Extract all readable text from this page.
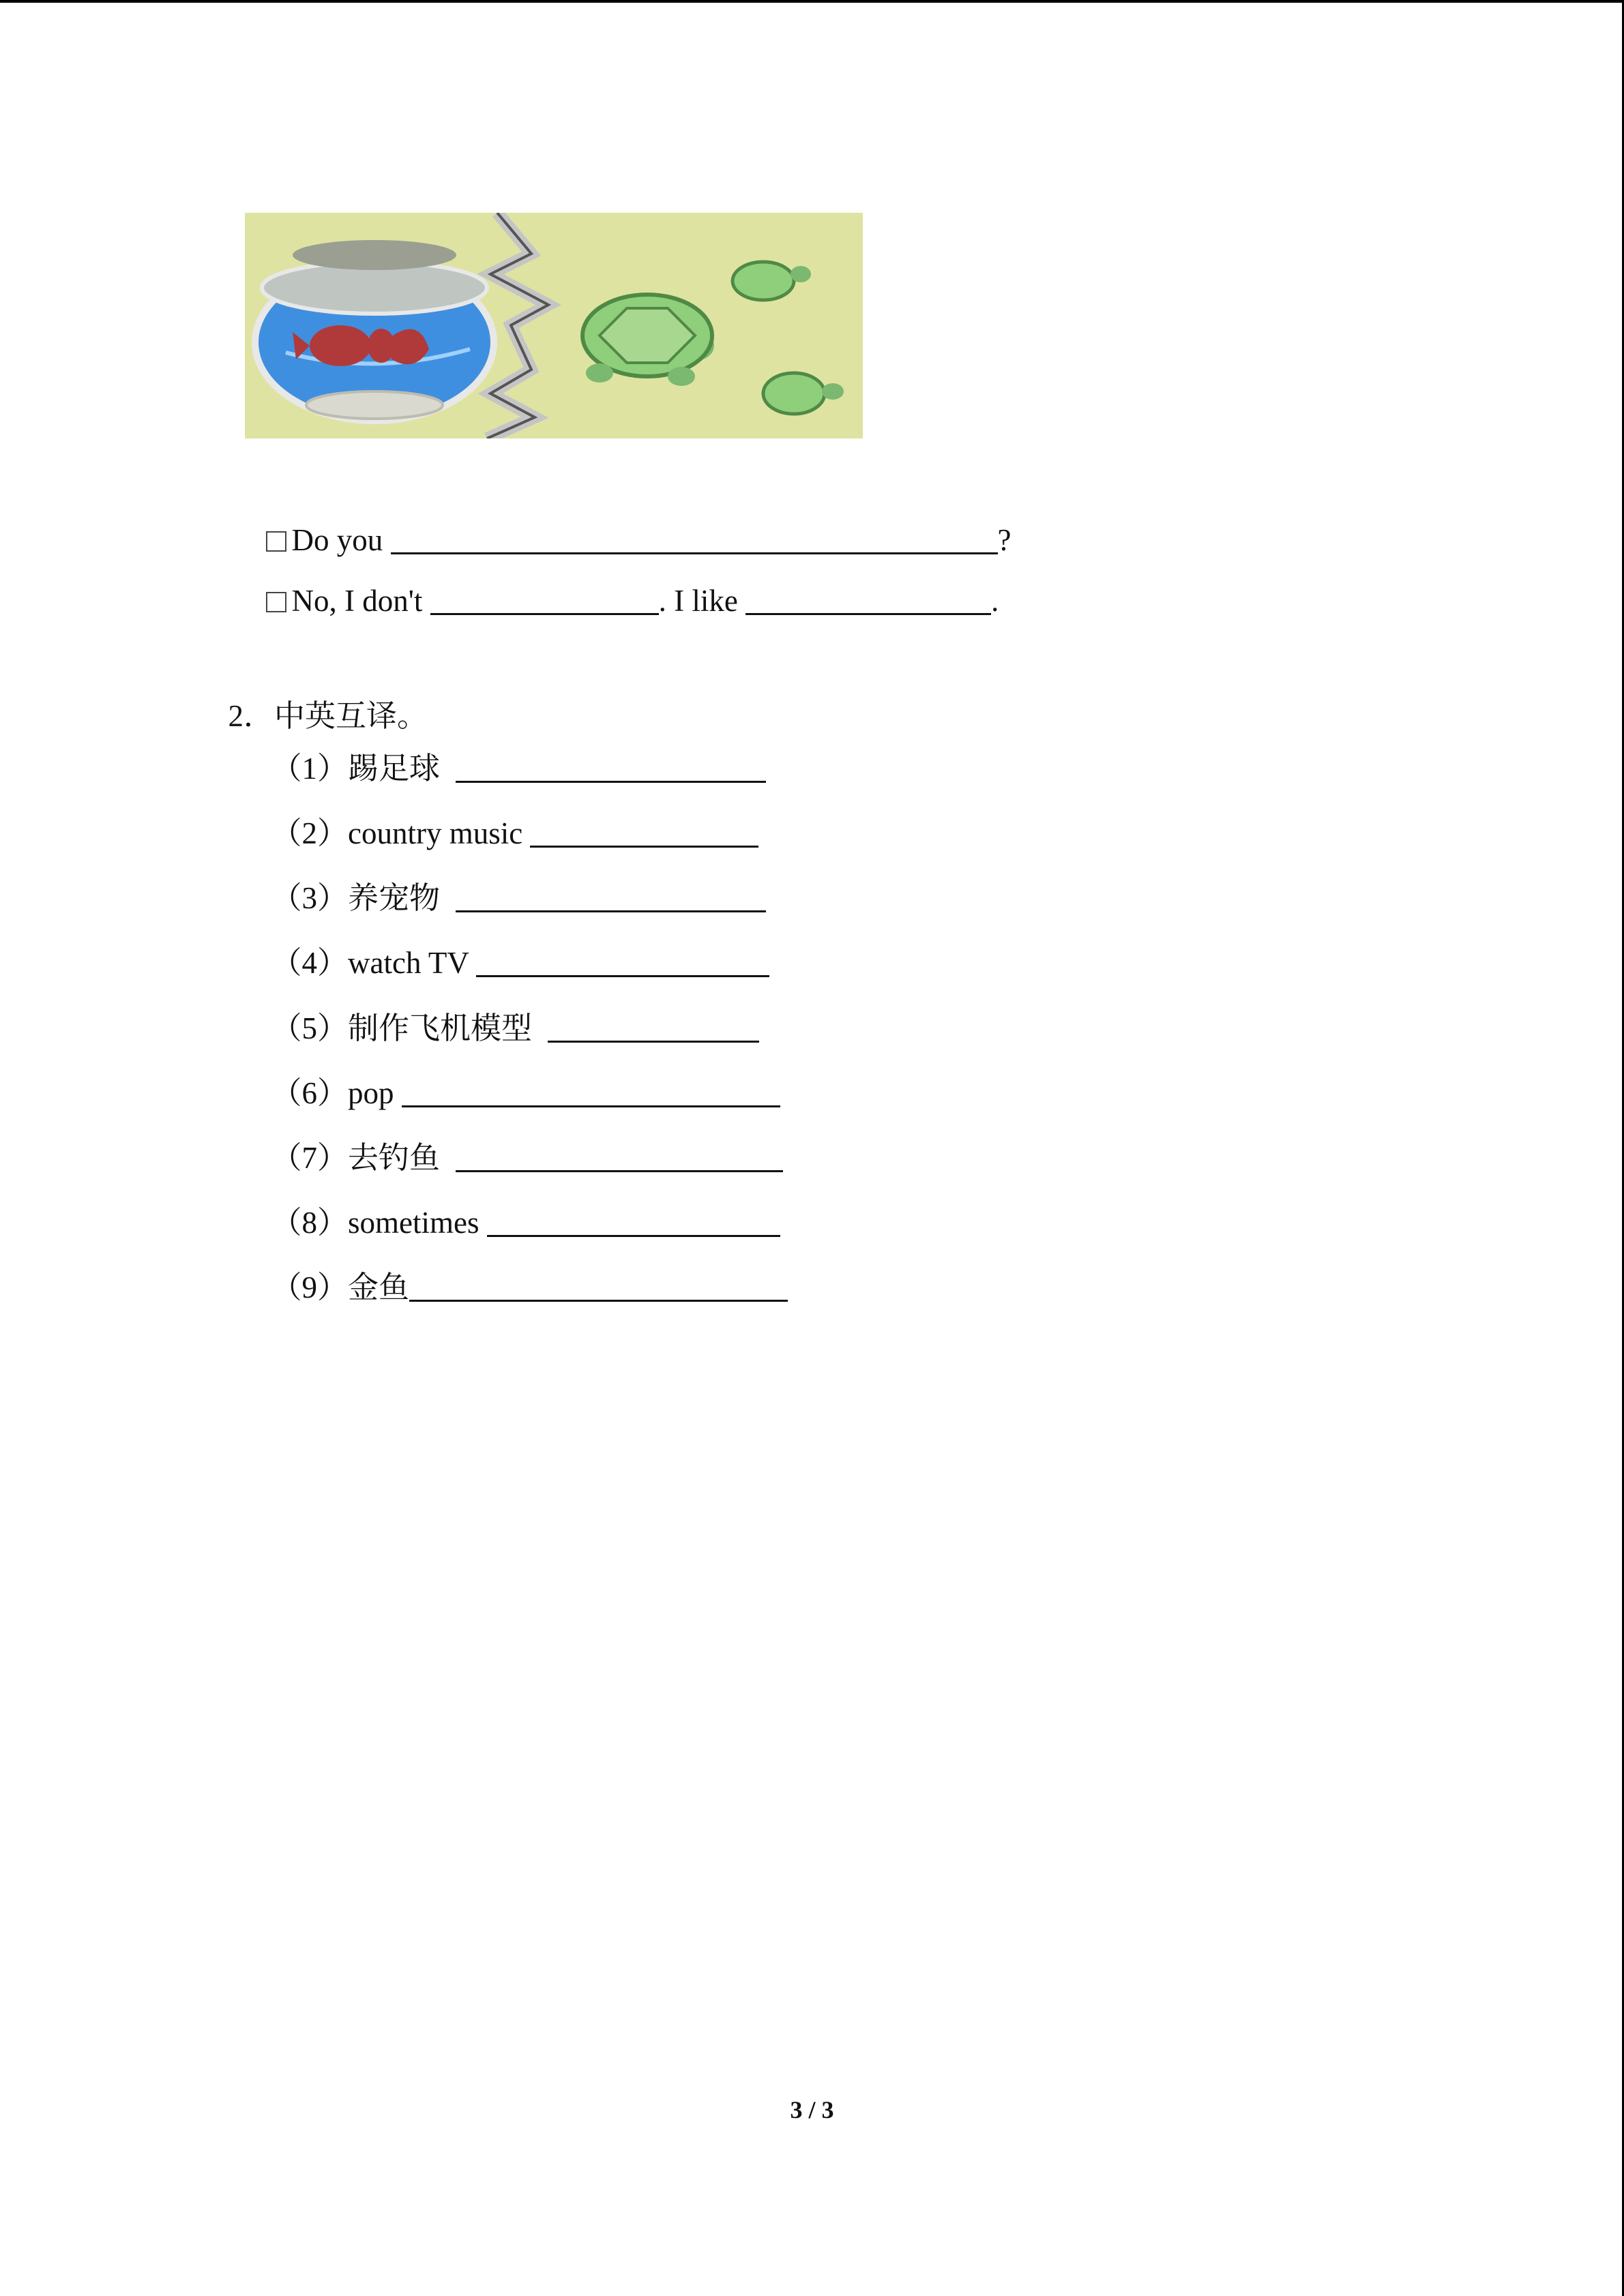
Do you	?

No, I don't	. I like	.

2．中英互译。

（1）踢足球

（2）country music

（3）养宠物

（4）watch TV

（5）制作飞机模型

（6）pop

（7）去钓鱼

（8）sometimes

（9）金鱼

3 / 3
